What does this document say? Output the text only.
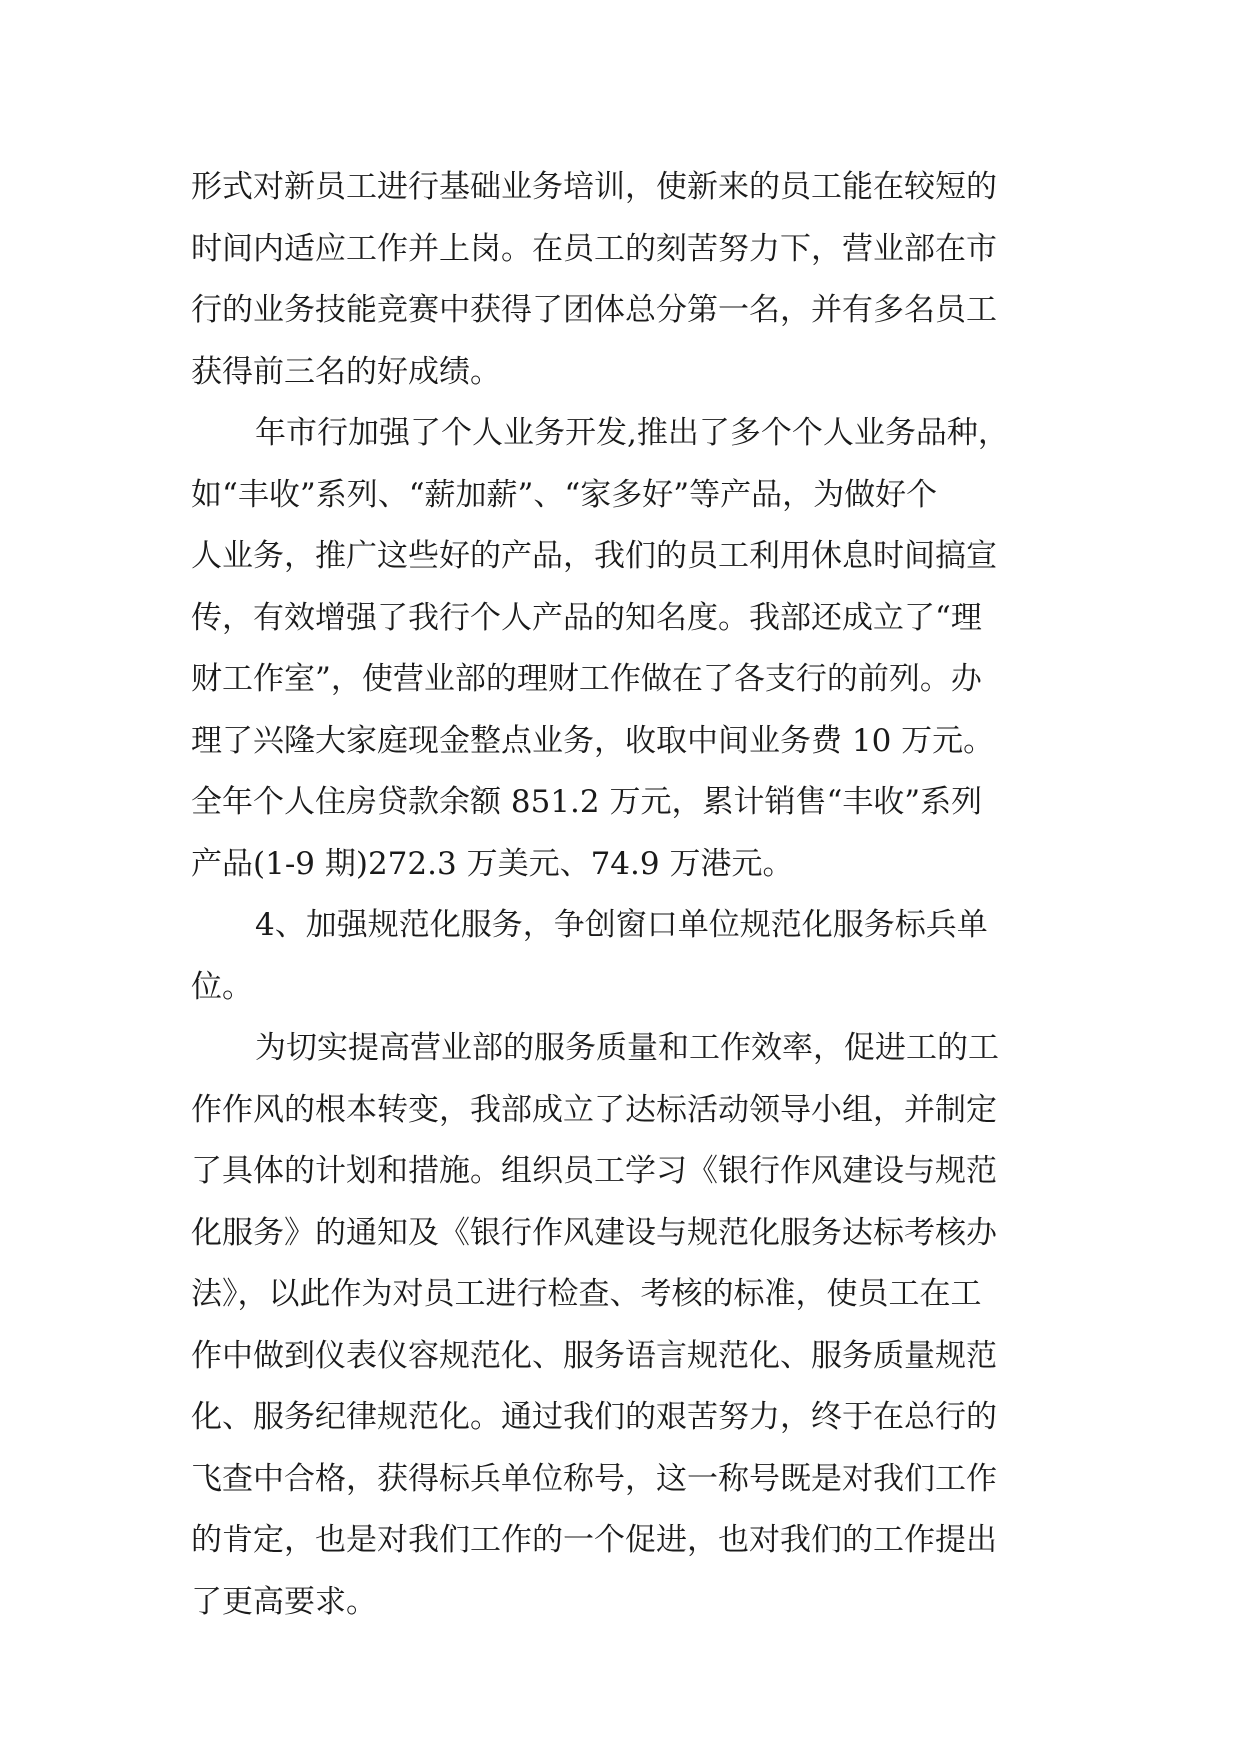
形式对新员工进行基础业务培训，使新来的员工能在较短的
时间内适应工作并上岗。在员工的刻苦努力下，营业部在市
行的业务技能竞赛中获得了团体总分第一名，并有多名员工
获得前三名的好成绩。
年市行加强了个人业务开发,推出了多个个人业务品种，
如“丰收”系列、“薪加薪”、“家多好”等产品，为做好个
人业务，推广这些好的产品，我们的员工利用休息时间搞宣
传，有效增强了我行个人产品的知名度。我部还成立了“理
财工作室”，使营业部的理财工作做在了各支行的前列。办
理了兴隆大家庭现金整点业务，收取中间业务费 10 万元。
全年个人住房贷款余额 851.2 万元，累计销售“丰收”系列
产品(1-9 期)272.3 万美元、74.9 万港元。
4、加强规范化服务，争创窗口单位规范化服务标兵单
位。
为切实提高营业部的服务质量和工作效率，促进工的工
作作风的根本转变，我部成立了达标活动领导小组，并制定
了具体的计划和措施。组织员工学习《银行作风建设与规范
化服务》的通知及《银行作风建设与规范化服务达标考核办
法》，以此作为对员工进行检查、考核的标准，使员工在工
作中做到仪表仪容规范化、服务语言规范化、服务质量规范
化、服务纪律规范化。通过我们的艰苦努力，终于在总行的
飞查中合格，获得标兵单位称号，这一称号既是对我们工作
的肯定，也是对我们工作的一个促进，也对我们的工作提出
了更高要求。
